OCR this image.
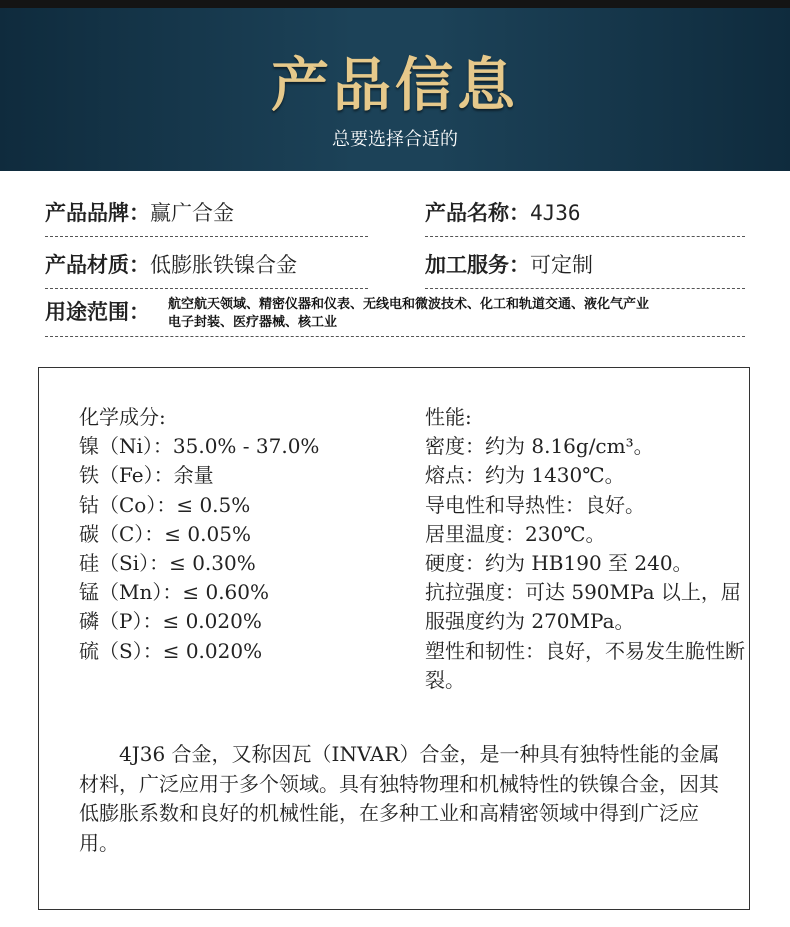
产品信息
总要选择合适的
产品品牌：赢广合金	产品名称：4J36
产品材质：低膨胀铁镍合金	加工服务：可定制
用途范围： 航空航天领域、精密仪器和仪表、无线电和微波技术、化工和轨道交通、液化气产业
电子封装、医疗器械、核工业
化学成分:
镍（Ni）：35.0% - 37.0%
铁（Fe）：余量
钴（Co）：≤ 0.5%
碳（C）：≤ 0.05%
硅（Si）：≤ 0.30%
锰（Mn）：≤ 0.60%
磷（P）：≤ 0.020%
硫（S）：≤ 0.020%
性能:
密度：约为 8.16g/cm³。
熔点：约为 1430℃。
导电性和导热性：良好。
居里温度：230℃。
硬度：约为 HB190 至 240。
抗拉强度：可达 590MPa 以上，屈服强度约为 270MPa。
塑性和韧性：良好，不易发生脆性断裂。
4J36 合金，又称因瓦（INVAR）合金，是一种具有独特性能的金属材料，广泛应用于多个领域。具有独特物理和机械特性的铁镍合金，因其低膨胀系数和良好的机械性能，在多种工业和高精密领域中得到广泛应用。
